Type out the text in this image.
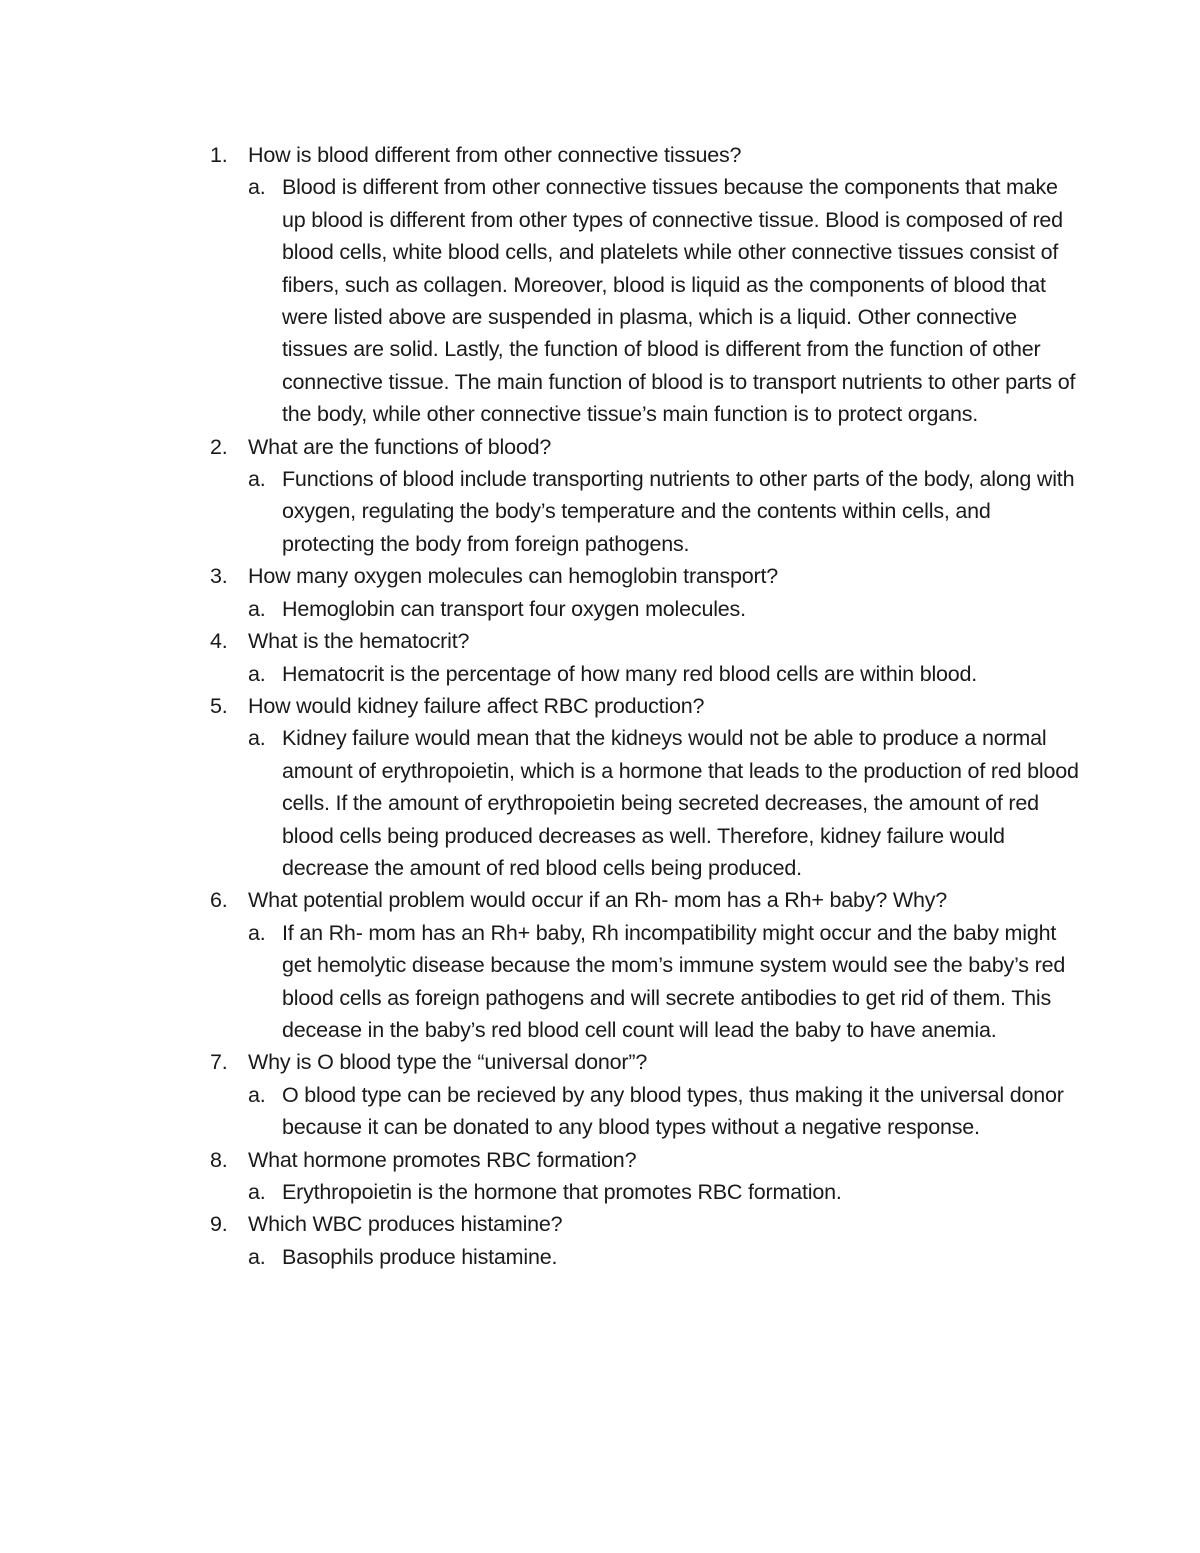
1. How is blood different from other connective tissues?
a. Blood is different from other connective tissues because the components that make up blood is different from other types of connective tissue. Blood is composed of red blood cells, white blood cells, and platelets while other connective tissues consist of fibers, such as collagen. Moreover, blood is liquid as the components of blood that were listed above are suspended in plasma, which is a liquid. Other connective tissues are solid. Lastly, the function of blood is different from the function of other connective tissue. The main function of blood is to transport nutrients to other parts of the body, while other connective tissue’s main function is to protect organs.
2. What are the functions of blood?
a. Functions of blood include transporting nutrients to other parts of the body, along with oxygen, regulating the body’s temperature and the contents within cells, and protecting the body from foreign pathogens.
3. How many oxygen molecules can hemoglobin transport?
a. Hemoglobin can transport four oxygen molecules.
4. What is the hematocrit?
a. Hematocrit is the percentage of how many red blood cells are within blood.
5. How would kidney failure affect RBC production?
a. Kidney failure would mean that the kidneys would not be able to produce a normal amount of erythropoietin, which is a hormone that leads to the production of red blood cells. If the amount of erythropoietin being secreted decreases, the amount of red blood cells being produced decreases as well. Therefore, kidney failure would decrease the amount of red blood cells being produced.
6. What potential problem would occur if an Rh- mom has a Rh+ baby? Why?
a. If an Rh- mom has an Rh+ baby, Rh incompatibility might occur and the baby might get hemolytic disease because the mom’s immune system would see the baby’s red blood cells as foreign pathogens and will secrete antibodies to get rid of them. This decease in the baby’s red blood cell count will lead the baby to have anemia.
7. Why is O blood type the “universal donor”?
a. O blood type can be recieved by any blood types, thus making it the universal donor because it can be donated to any blood types without a negative response.
8. What hormone promotes RBC formation?
a. Erythropoietin is the hormone that promotes RBC formation.
9. Which WBC produces histamine?
a. Basophils produce histamine.
